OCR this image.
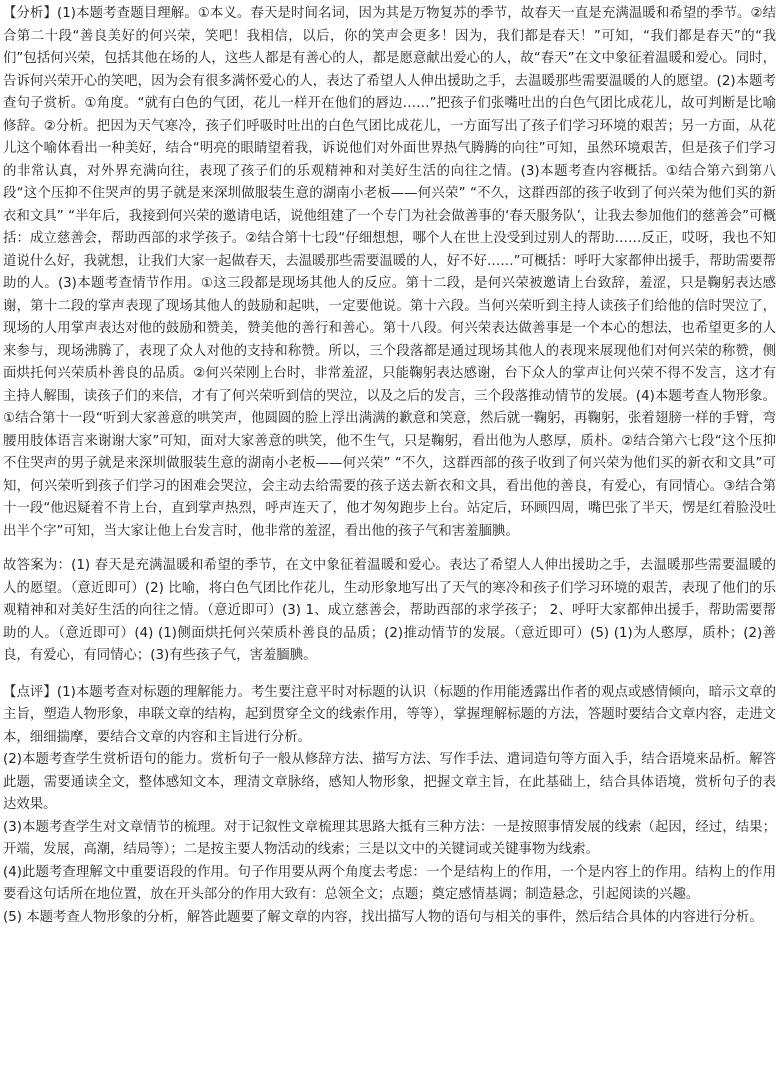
【分析】(1)本题考查题目理解。①本义。春天是时间名词，因为其是万物复苏的季节，故春天一直是充满温暖和希望的季节。②结合第二十段“善良美好的何兴荣，笑吧！我相信，以后，你的笑声会更多！因为，我们都是春天！”可知，“我们都是春天”的“我们”包括何兴荣，包括其他在场的人，这些人都是有善心的人，都是愿意献出爱心的人，故“春天”在文中象征着温暖和爱心。同时，告诉何兴荣开心的笑吧，因为会有很多满怀爱心的人，表达了希望人人伸出援助之手，去温暖那些需要温暖的人的愿望。(2)本题考查句子赏析。①角度。“就有白色的气团，花儿一样开在他们的唇边……”把孩子们张嘴吐出的白色气团比成花儿，故可判断是比喻修辞。②分析。把因为天气寒冷，孩子们呼吸时吐出的白色气团比成花儿，一方面写出了孩子们学习环境的艰苦；另一方面，从花儿这个喻体看出一种美好，结合“明亮的眼睛望着我，诉说他们对外面世界热气腾腾的向往”可知，虽然环境艰苦，但是孩子们学习的非常认真，对外界充满向往，表现了孩子们的乐观精神和对美好生活的向往之情。(3)本题考查内容概括。①结合第六到第八段“这个压抑不住哭声的男子就是来深圳做服装生意的湖南小老板——何兴荣” “不久，这群西部的孩子收到了何兴荣为他们买的新衣和文具” “半年后，我接到何兴荣的邀请电话，说他组建了一个专门为社会做善事的‘春天服务队’，让我去参加他们的慈善会”可概括：成立慈善会，帮助西部的求学孩子。②结合第十七段“仔细想想，哪个人在世上没受到过别人的帮助……反正，哎呀，我也不知道说什么好，我就想，让我们大家一起做春天，去温暖那些需要温暖的人，好不好……”可概括：呼吁大家都伸出援手，帮助需要帮助的人。(3)本题考查情节作用。①这三段都是现场其他人的反应。第十二段，是何兴荣被邀请上台致辞，羞涩，只是鞠躬表达感谢，第十二段的掌声表现了现场其他人的鼓励和起哄，一定要他说。第十六段。当何兴荣听到主持人读孩子们给他的信时哭泣了，现场的人用掌声表达对他的鼓励和赞美，赞美他的善行和善心。第十八段。何兴荣表达做善事是一个本心的想法，也希望更多的人来参与，现场沸腾了，表现了众人对他的支持和称赞。所以，三个段落都是通过现场其他人的表现来展现他们对何兴荣的称赞，侧面烘托何兴荣质朴善良的品质。②何兴荣刚上台时，非常羞涩，只能鞠躬表达感谢，台下众人的掌声让何兴荣不得不发言，这才有主持人解围，读孩子们的来信，才有了何兴荣听到信的哭泣，以及之后的发言，三个段落推动情节的发展。(4)本题考查人物形象。①结合第十一段“听到大家善意的哄笑声，他圆圆的脸上浮出满满的歉意和笑意，然后就一鞠躬，再鞠躬，张着翅膀一样的手臂，弯腰用肢体语言来谢谢大家”可知，面对大家善意的哄笑，他不生气，只是鞠躬，看出他为人憨厚，质朴。②结合第六七段“这个压抑不住哭声的男子就是来深圳做服装生意的湖南小老板——何兴荣” “不久，这群西部的孩子收到了何兴荣为他们买的新衣和文具”可知，何兴荣听到孩子们学习的困难会哭泣，会主动去给需要的孩子送去新衣和文具，看出他的善良，有爱心，有同情心。③结合第十一段“他迟疑着不肯上台，直到掌声热烈，呼声连天了，他才匆匆跑步上台。站定后，环顾四周，嘴巴张了半天，愣是红着脸没吐出半个字”可知，当大家让他上台发言时，他非常的羞涩，看出他的孩子气和害羞腼腆。

故答案为：(1) 春天是充满温暖和希望的季节，在文中象征着温暖和爱心。表达了希望人人伸出援助之手，去温暖那些需要温暖的人的愿望。（意近即可）(2) 比喻，将白色气团比作花儿，生动形象地写出了天气的寒冷和孩子们学习环境的艰苦，表现了他们的乐观精神和对美好生活的向往之情。（意近即可）(3) 1、成立慈善会，帮助西部的求学孩子； 2、呼吁大家都伸出援手，帮助需要帮助的人。（意近即可）(4) (1)侧面烘托何兴荣质朴善良的品质；(2)推动情节的发展。（意近即可）(5) (1)为人憨厚，质朴；(2)善良，有爱心，有同情心；(3)有些孩子气，害羞腼腆。

【点评】(1)本题考查对标题的理解能力。考生要注意平时对标题的认识（标题的作用能透露出作者的观点或感情倾向，暗示文章的主旨，塑造人物形象，串联文章的结构，起到贯穿全文的线索作用，等等），掌握理解标题的方法，答题时要结合文章内容，走进文本，细细揣摩，要结合文章的内容和主旨进行分析。

(2)本题考查学生赏析语句的能力。赏析句子一般从修辞方法、描写方法、写作手法、遣词造句等方面入手，结合语境来品析。解答此题，需要通读全文，整体感知文本，理清文章脉络，感知人物形象，把握文章主旨，在此基础上，结合具体语境，赏析句子的表达效果。

(3)本题考查学生对文章情节的梳理。对于记叙性文章梳理其思路大抵有三种方法：一是按照事情发展的线索（起因，经过，结果；开端，发展，高潮，结局等）；二是按主要人物活动的线索；三是以文中的关键词或关键事物为线索。

(4)此题考查理解文中重要语段的作用。句子作用要从两个角度去考虑：一个是结构上的作用，一个是内容上的作用。结构上的作用要看这句话所在地位置，放在开头部分的作用大致有：总领全文；点题；奠定感情基调；制造悬念，引起阅读的兴趣。

(5) 本题考查人物形象的分析，解答此题要了解文章的内容，找出描写人物的语句与相关的事件，然后结合具体的内容进行分析。
